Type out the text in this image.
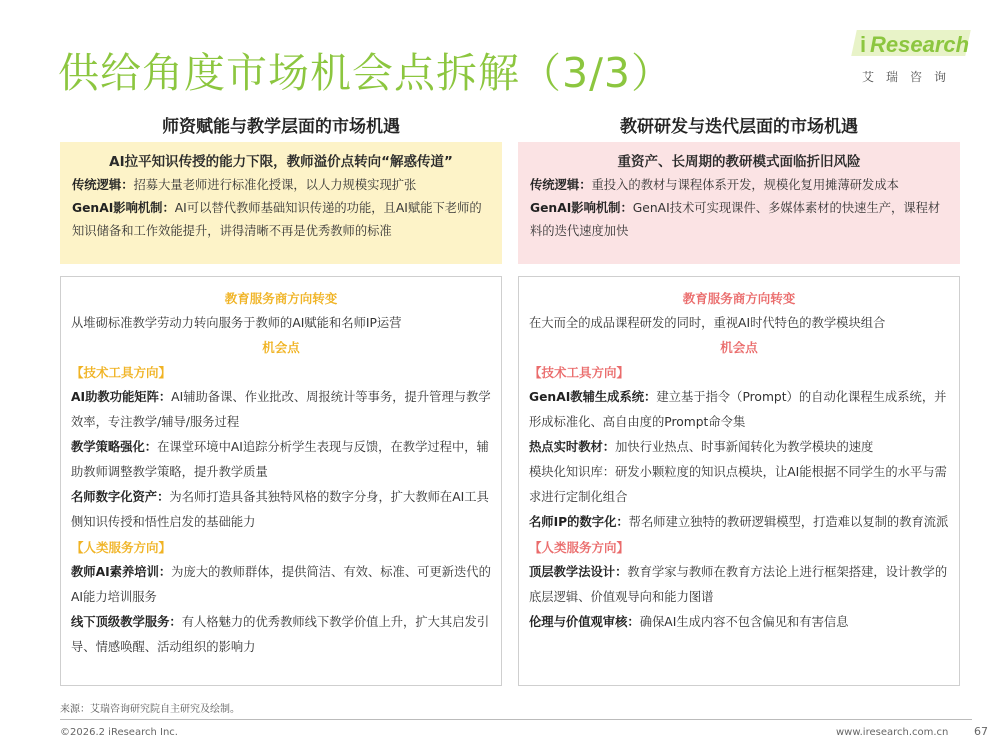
供给角度市场机会点拆解（3/3）
i Research
艾瑞咨询
师资赋能与教学层面的市场机遇
AI拉平知识传授的能力下限，教师溢价点转向“解惑传道”
传统逻辑：招募大量老师进行标准化授课，以人力规模实现扩张
GenAI影响机制：AI可以替代教师基础知识传递的功能，且AI赋能下老师的知识储备和工作效能提升，讲得清晰不再是优秀教师的标准
教育服务商方向转变
从堆砌标准教学劳动力转向服务于教师的AI赋能和名师IP运营
机会点
【技术工具方向】
AI助教功能矩阵：AI辅助备课、作业批改、周报统计等事务，提升管理与教学效率，专注教学/辅导/服务过程
教学策略强化：在课堂环境中AI追踪分析学生表现与反馈，在教学过程中，辅助教师调整教学策略，提升教学质量
名师数字化资产：为名师打造具备其独特风格的数字分身，扩大教师在AI工具侧知识传授和悟性启发的基础能力
【人类服务方向】
教师AI素养培训：为庞大的教师群体，提供简洁、有效、标准、可更新迭代的AI能力培训服务
线下顶级教学服务：有人格魅力的优秀教师线下教学价值上升，扩大其启发引导、情感唤醒、活动组织的影响力
教研研发与迭代层面的市场机遇
重资产、长周期的教研模式面临折旧风险
传统逻辑：重投入的教材与课程体系开发，规模化复用摊薄研发成本
GenAI影响机制：GenAI技术可实现课件、多媒体素材的快速生产，课程材料的迭代速度加快
教育服务商方向转变
在大而全的成品课程研发的同时，重视AI时代特色的教学模块组合
机会点
【技术工具方向】
GenAI教辅生成系统：建立基于指令（Prompt）的自动化课程生成系统，并形成标准化、高自由度的Prompt命令集
热点实时教材：加快行业热点、时事新闻转化为教学模块的速度
模块化知识库：研发小颗粒度的知识点模块，让AI能根据不同学生的水平与需求进行定制化组合
名师IP的数字化：帮名师建立独特的教研逻辑模型，打造难以复制的教育流派
【人类服务方向】
顶层教学法设计：教育学家与教师在教育方法论上进行框架搭建，设计教学的底层逻辑、价值观导向和能力图谱
伦理与价值观审核：确保AI生成内容不包含偏见和有害信息
来源：艾瑞咨询研究院自主研究及绘制。
©2026.2 iResearch Inc.	www.iresearch.com.cn 67
